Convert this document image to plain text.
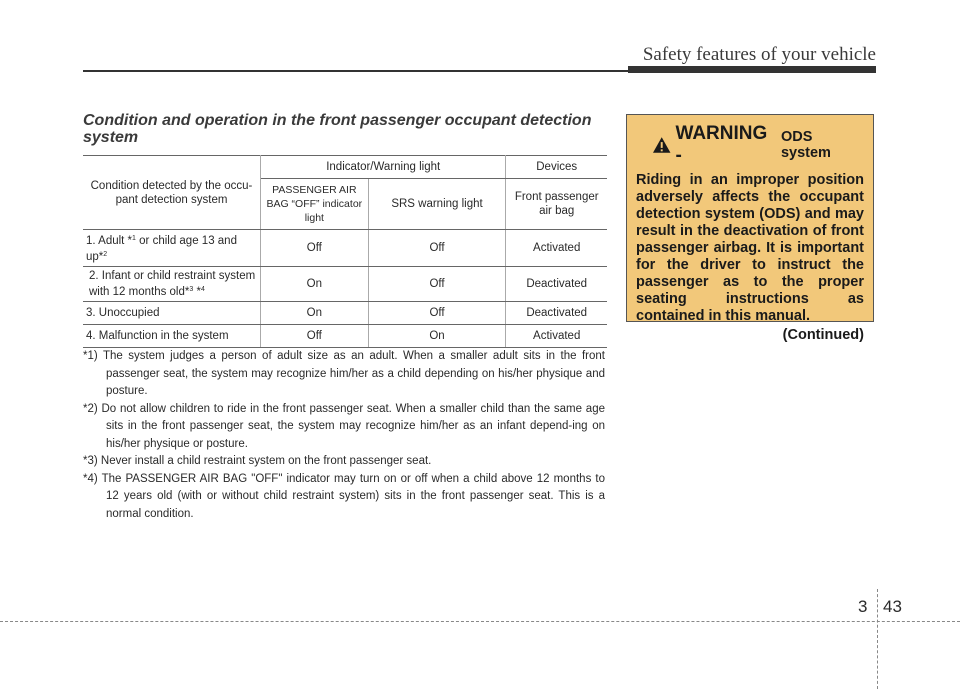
Safety features of your vehicle
Condition and operation in the front passenger occupant detection system
Condition detected by the occu-pant detection system	Indicator/Warning light		Devices
	PASSENGER AIR BAG “OFF” indicator light	SRS warning light	Front passenger air bag
1. Adult *$^1$ or child age 13 and up*$^2$	Off	Off	Activated
2. Infant or child restraint system with 12 months old*$^3$ *$^4$	On	Off	Deactivated
3. Unoccupied	On	Off	Deactivated
4. Malfunction in the system	Off	On	Activated
*1) The system judges a person of adult size as an adult. When a smaller adult sits in the front passenger seat, the system may recognize him/her as a child depending on his/her physique and posture.
*2) Do not allow children to ride in the front passenger seat. When a smaller child than the same age sits in the front passenger seat, the system may recognize him/her as an infant depend-ing on his/her physique or posture.
*3) Never install a child restraint system on the front passenger seat.
*4) The PASSENGER AIR BAG "OFF" indicator may turn on or off when a child above 12 months to 12 years old (with or without child restraint system) sits in the front passenger seat. This is a normal condition.
WARNING -
ODS system
Riding in an improper position adversely affects the occupant detection system (ODS) and may result in the deactivation of front passenger airbag. It is important for the driver to instruct the passenger as to the proper seating instructions as contained in this manual.
(Continued)
3 43
